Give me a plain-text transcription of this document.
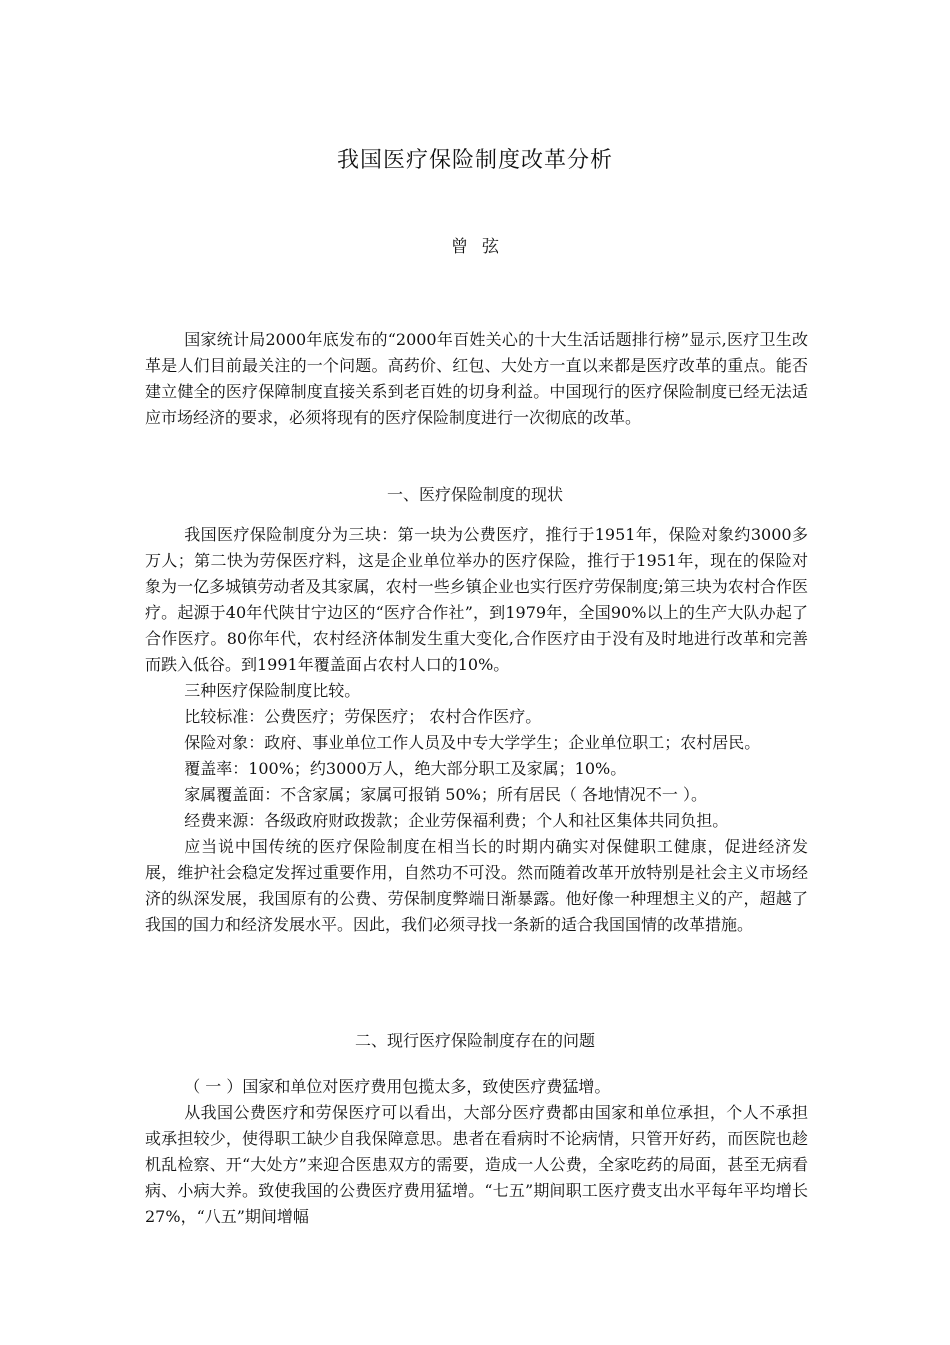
我国医疗保险制度改革分析
曾弦

国家统计局2000年底发布的“2000年百姓关心的十大生活话题排行榜”显示,医疗卫生改革是人们目前最关注的一个问题。高药价、红包、大处方一直以来都是医疗改革的重点。能否建立健全的医疗保障制度直接关系到老百姓的切身利益。中国现行的医疗保险制度已经无法适应市场经济的要求，必须将现有的医疗保险制度进行一次彻底的改革。

一、医疗保险制度的现状

我国医疗保险制度分为三块：第一块为公费医疗，推行于1951年，保险对象约3000多万人；第二快为劳保医疗料，这是企业单位举办的医疗保险，推行于1951年，现在的保险对象为一亿多城镇劳动者及其家属，农村一些乡镇企业也实行医疗劳保制度;第三块为农村合作医疗。起源于40年代陕甘宁边区的“医疗合作社”，到1979年，全国90%以上的生产大队办起了合作医疗。80你年代，农村经济体制发生重大变化,合作医疗由于没有及时地进行改革和完善而跌入低谷。到1991年覆盖面占农村人口的10%。

三种医疗保险制度比较。

比较标准：公费医疗；劳保医疗； 农村合作医疗。

保险对象：政府、事业单位工作人员及中专大学学生；企业单位职工；农村居民。

覆盖率：100%；约3000万人，绝大部分职工及家属；10%。

家属覆盖面：不含家属；家属可报销 50%；所有居民（ 各地情况不一 ）。

经费来源：各级政府财政拨款；企业劳保福利费；个人和社区集体共同负担。

应当说中国传统的医疗保险制度在相当长的时期内确实对保健职工健康，促进经济发展，维护社会稳定发挥过重要作用，自然功不可没。然而随着改革开放特别是社会主义市场经济的纵深发展，我国原有的公费、劳保制度弊端日渐暴露。他好像一种理想主义的产，超越了我国的国力和经济发展水平。因此，我们必须寻找一条新的适合我国国情的改革措施。

二、现行医疗保险制度存在的问题

（ 一 ）国家和单位对医疗费用包揽太多，致使医疗费猛增。

从我国公费医疗和劳保医疗可以看出，大部分医疗费都由国家和单位承担，个人不承担或承担较少，使得职工缺少自我保障意思。患者在看病时不论病情，只管开好药，而医院也趁机乱检察、开“大处方”来迎合医患双方的需要，造成一人公费，全家吃药的局面，甚至无病看病、小病大养。致使我国的公费医疗费用猛增。“七五”期间职工医疗费支出水平每年平均增长27%，“八五”期间增幅
